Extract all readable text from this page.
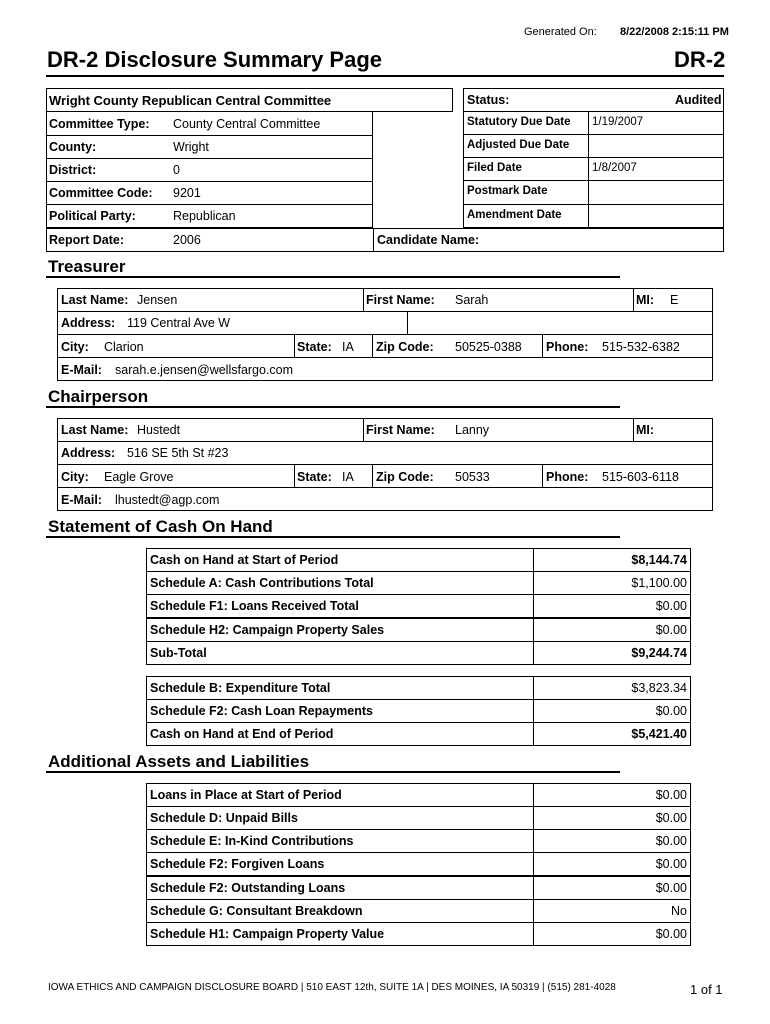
Generated On: 8/22/2008 2:15:11 PM
DR-2 Disclosure Summary Page	DR-2
Wright County Republican Central Committee
Committee Type: County Central Committee
County:	Wright
District:	0
Committee Code: 9201
Political Party:	Republican
Report Date:	2006	Candidate Name:
Status:	Audited
Statutory Due Date 1/19/2007
Adjusted Due Date
Filed Date	1/8/2007
Postmark Date
Amendment Date
Treasurer
Last Name: Jensen	First Name: Sarah	MI: E
Address: 119 Central Ave W
City: Clarion	State: IA Zip Code: 50525-0388 Phone: 515-532-6382
E-Mail: sarah.e.jensen@wellsfargo.com
Chairperson
Last Name: Hustedt	First Name: Lanny	MI:
Address: 516 SE 5th St #23
City: Eagle Grove	State: IA Zip Code: 50533	Phone: 515-603-6118
E-Mail: lhustedt@agp.com
Statement of Cash On Hand
Cash on Hand at Start of Period	$8,144.74
Schedule A: Cash Contributions Total	$1,100.00
Schedule F1: Loans Received Total	$0.00
Schedule H2: Campaign Property Sales	$0.00
Sub-Total	$9,244.74
Schedule B: Expenditure Total	$3,823.34
Schedule F2: Cash Loan Repayments	$0.00
Cash on Hand at End of Period	$5,421.40
Additional Assets and Liabilities
Loans in Place at Start of Period	$0.00
Schedule D: Unpaid Bills	$0.00
Schedule E: In-Kind Contributions	$0.00
Schedule F2: Forgiven Loans	$0.00
Schedule F2: Outstanding Loans	$0.00
Schedule G: Consultant Breakdown	No
Schedule H1: Campaign Property Value	$0.00
IOWA ETHICS AND CAMPAIGN DISCLOSURE BOARD | 510 EAST 12th, SUITE 1A | DES MOINES, IA 50319 | (515) 281-4028	1 of 1
